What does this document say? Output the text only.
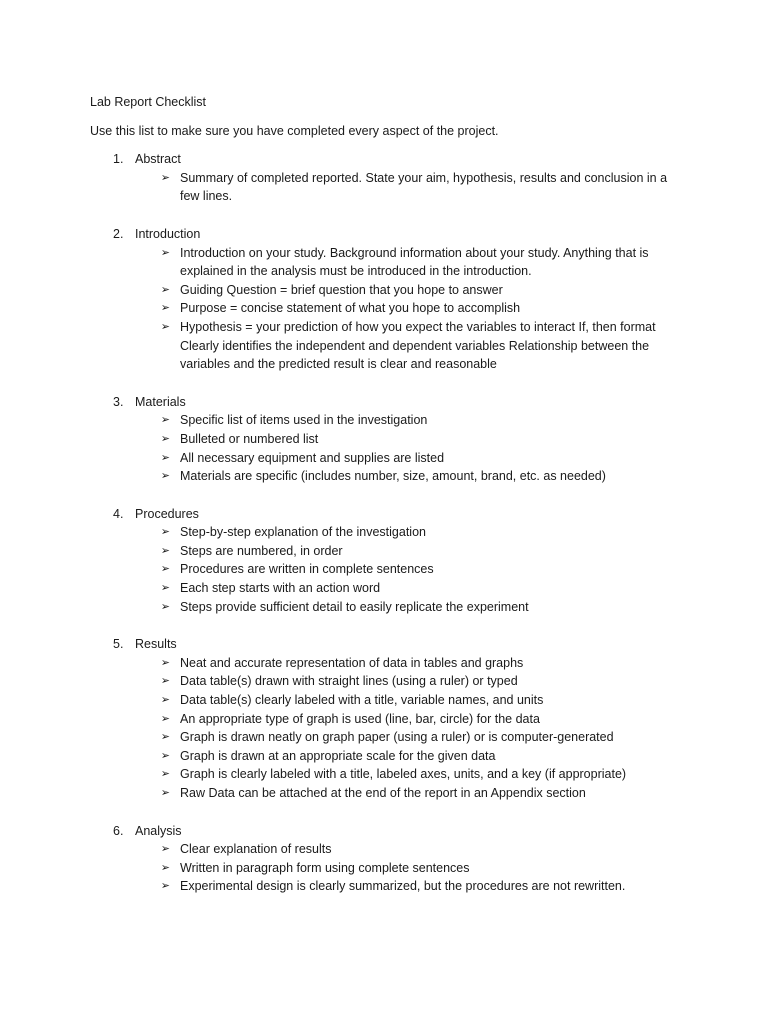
Lab Report Checklist
Use this list to make sure you have completed every aspect of the project.
1. Abstract
➢ Summary of completed reported. State your aim, hypothesis, results and conclusion in a few lines.
2. Introduction
➢ Introduction on your study. Background information about your study. Anything that is explained in the analysis must be introduced in the introduction.
➢ Guiding Question = brief question that you hope to answer
➢ Purpose = concise statement of what you hope to accomplish
➢ Hypothesis = your prediction of how you expect the variables to interact If, then format Clearly identifies the independent and dependent variables Relationship between the variables and the predicted result is clear and reasonable
3. Materials
➢ Specific list of items used in the investigation
➢ Bulleted or numbered list
➢ All necessary equipment and supplies are listed
➢ Materials are specific (includes number, size, amount, brand, etc. as needed)
4. Procedures
➢ Step-by-step explanation of the investigation
➢ Steps are numbered, in order
➢ Procedures are written in complete sentences
➢ Each step starts with an action word
➢ Steps provide sufficient detail to easily replicate the experiment
5. Results
➢ Neat and accurate representation of data in tables and graphs
➢ Data table(s) drawn with straight lines (using a ruler) or typed
➢ Data table(s) clearly labeled with a title, variable names, and units
➢ An appropriate type of graph is used (line, bar, circle) for the data
➢ Graph is drawn neatly on graph paper (using a ruler) or is computer-generated
➢ Graph is drawn at an appropriate scale for the given data
➢ Graph is clearly labeled with a title, labeled axes, units, and a key (if appropriate)
➢ Raw Data can be attached at the end of the report in an Appendix section
6. Analysis
➢ Clear explanation of results
➢ Written in paragraph form using complete sentences
➢ Experimental design is clearly summarized, but the procedures are not rewritten.
